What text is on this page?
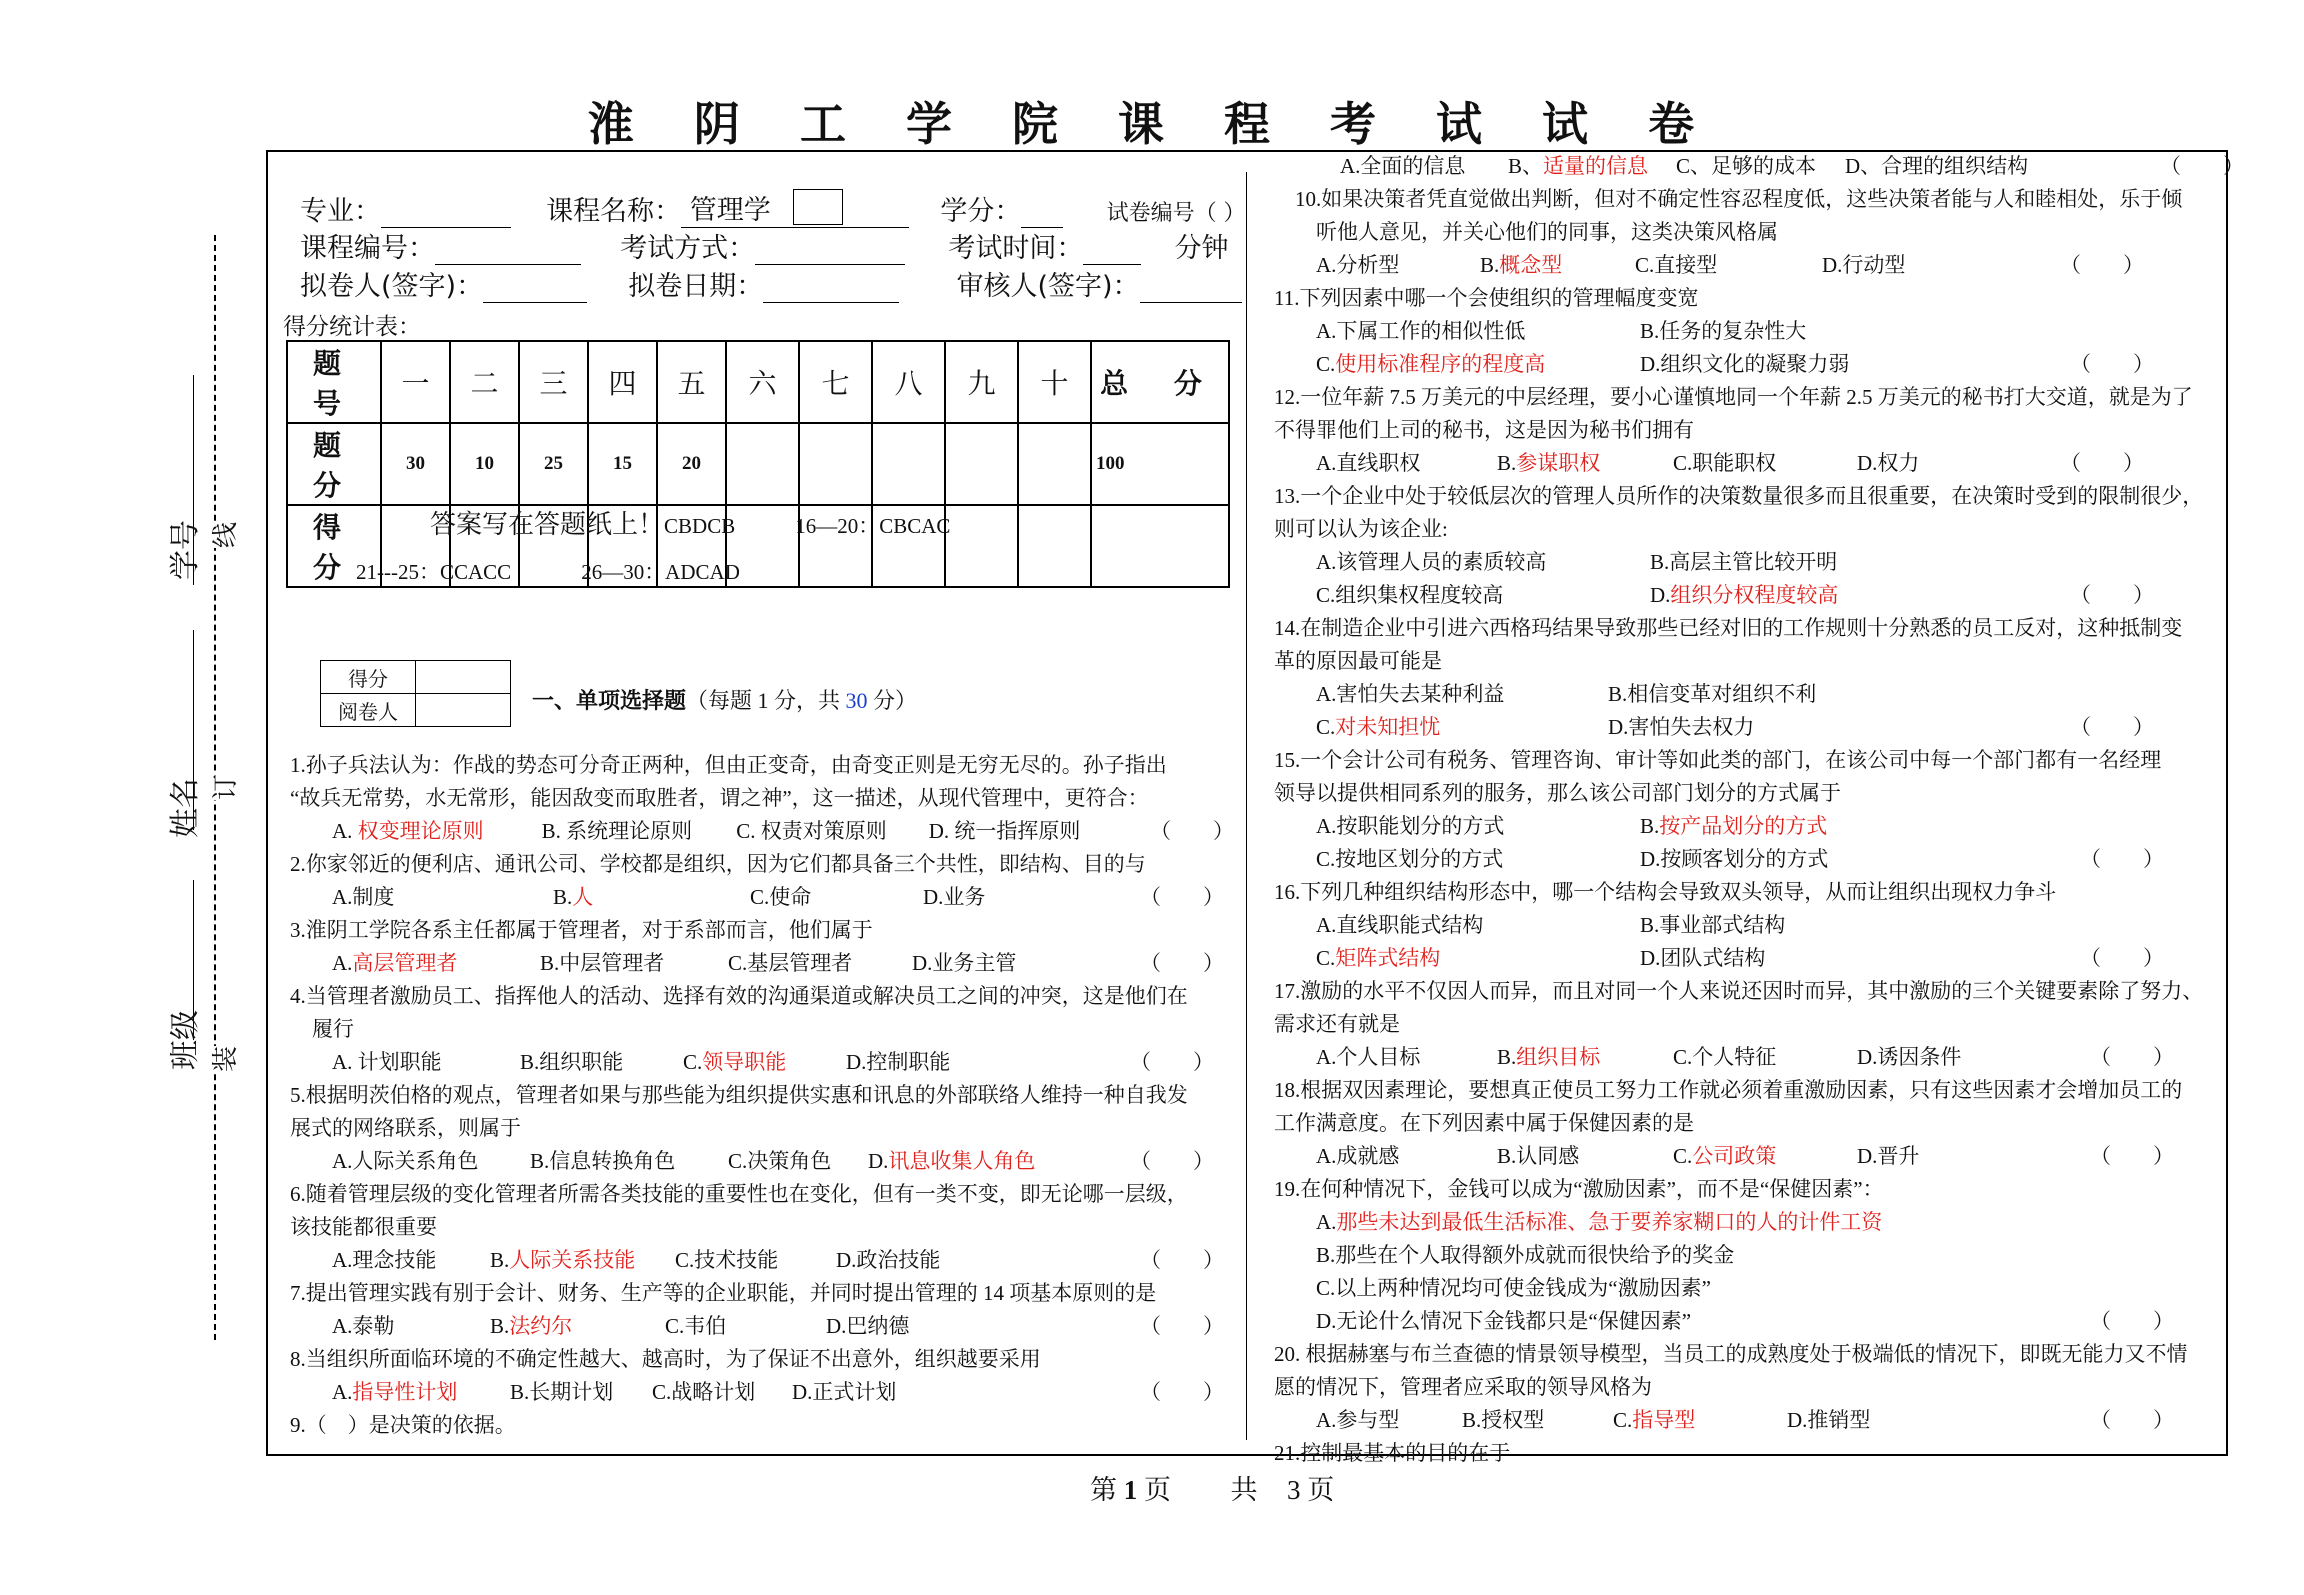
淮 阴 工 学 院 课 程 考 试 试 卷
学号 线
姓名 订
班级 装
专业：	课程名称： 管理学	学分：	试卷编号（ ）
课程编号：	考试方式：	考试时间：	分钟
拟卷人(签字)：	拟卷日期：	审核人(签字)：
得分统计表：
题 号	一	二	三	四	五	六	七	八	九	十	总 分
题 分	30	10	25	15	20						100
得 分											
答案写在答题纸上！CBDCB	16—20：CBCAC
21---25：CCACC	26—30：ADCAD
得分	
阅卷人		一、单项选择题（每题 1 分，共 30 分）
1.孙子兵法认为：作战的势态可分奇正两种，但由正变奇，由奇变正则是无穷无尽的。孙子指出
“故兵无常势，水无常形，能因敌变而取胜者，谓之神”，这一描述，从现代管理中，更符合：
A. 权变理论原则	B. 系统理论原则 C. 权责对策原则 D. 统一指挥原则	（　　）
2.你家邻近的便利店、通讯公司、学校都是组织，因为它们都具备三个共性，即结构、目的与
A.制度	B.人	C.使命	D.业务	（　　）
3.淮阴工学院各系主任都属于管理者，对于系部而言，他们属于
A.高层管理者	B.中层管理者	C.基层管理者	D.业务主管	（　　）
4.当管理者激励员工、指挥他人的活动、选择有效的沟通渠道或解决员工之间的冲突，这是他们在
履行
A. 计划职能	B.组织职能	C.领导职能	D.控制职能	（　　）
5.根据明茨伯格的观点，管理者如果与那些能为组织提供实惠和讯息的外部联络人维持一种自我发
展式的网络联系，则属于
A.人际关系角色 B.信息转换角色	C.决策角色 D.讯息收集人角色	（　　）
6.随着管理层级的变化管理者所需各类技能的重要性也在变化，但有一类不变，即无论哪一层级，
该技能都很重要
A.理念技能	B.人际关系技能 C.技术技能	D.政治技能	（　　）
7.提出管理实践有别于会计、财务、生产等的企业职能，并同时提出管理的 14 项基本原则的是
A.泰勒	B.法约尔	C.韦伯	D.巴纳德	（　　）
8.当组织所面临环境的不确定性越大、越高时，为了保证不出意外，组织越要采用
A.指导性计划	B.长期计划 C.战略计划 D.正式计划	（　　）
9.（　）是决策的依据。
A.全面的信息 B、适量的信息 C、足够的成本 D、合理的组织结构	（　　）
10.如果决策者凭直觉做出判断，但对不确定性容忍程度低，这些决策者能与人和睦相处，乐于倾
听他人意见，并关心他们的同事，这类决策风格属
A.分析型	B.概念型	C.直接型	D.行动型	（　　）
11.下列因素中哪一个会使组织的管理幅度变宽
A.下属工作的相似性低	B.任务的复杂性大
C.使用标准程序的程度高	D.组织文化的凝聚力弱	（　　）
12.一位年薪 7.5 万美元的中层经理，要小心谨慎地同一个年薪 2.5 万美元的秘书打大交道，就是为了
不得罪他们上司的秘书，这是因为秘书们拥有
A.直线职权	B.参谋职权	C.职能职权	D.权力	（　　）
13.一个企业中处于较低层次的管理人员所作的决策数量很多而且很重要，在决策时受到的限制很少，
则可以认为该企业:
A.该管理人员的素质较高	B.高层主管比较开明
C.组织集权程度较高	D.组织分权程度较高	（　　）
14.在制造企业中引进六西格玛结果导致那些已经对旧的工作规则十分熟悉的员工反对，这种抵制变
革的原因最可能是
A.害怕失去某种利益	B.相信变革对组织不利
C.对未知担忧	D.害怕失去权力	（　　）
15.一个会计公司有税务、管理咨询、审计等如此类的部门，在该公司中每一个部门都有一名经理
领导以提供相同系列的服务，那么该公司部门划分的方式属于
A.按职能划分的方式	B.按产品划分的方式
C.按地区划分的方式	D.按顾客划分的方式	（　　）
16.下列几种组织结构形态中，哪一个结构会导致双头领导，从而让组织出现权力争斗
A.直线职能式结构	B.事业部式结构
C.矩阵式结构	D.团队式结构	（　　）
17.激励的水平不仅因人而异，而且对同一个人来说还因时而异，其中激励的三个关键要素除了努力、
需求还有就是
A.个人目标	B.组织目标	C.个人特征	D.诱因条件	（　　）
18.根据双因素理论，要想真正使员工努力工作就必须着重激励因素，只有这些因素才会增加员工的
工作满意度。在下列因素中属于保健因素的是
A.成就感	B.认同感	C.公司政策	D.晋升	（　　）
19.在何种情况下，金钱可以成为“激励因素”，而不是“保健因素”：
A.那些未达到最低生活标准、急于要养家糊口的人的计件工资
B.那些在个人取得额外成就而很快给予的奖金
C.以上两种情况均可使金钱成为“激励因素”
D.无论什么情况下金钱都只是“保健因素”	（　　）
20. 根据赫塞与布兰查德的情景领导模型，当员工的成熟度处于极端低的情况下，即既无能力又不情
愿的情况下，管理者应采取的领导风格为
A.参与型	B.授权型	C.指导型	D.推销型	（　　）
21.控制最基本的目的在于
第 1 页 共 3 页
